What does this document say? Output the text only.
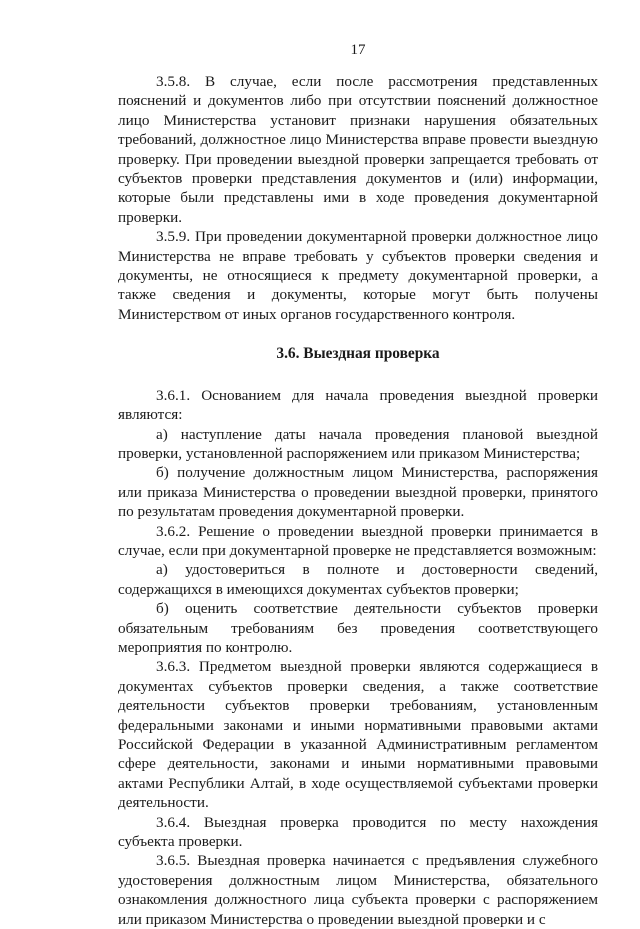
17

3.5.8. В случае, если после рассмотрения представленных пояснений и документов либо при отсутствии пояснений должностное лицо Министерства установит признаки нарушения обязательных требований, должностное лицо Министерства вправе провести выездную проверку. При проведении выездной проверки запрещается требовать от субъектов проверки представления документов и (или) информации, которые были представлены ими в ходе проведения документарной проверки.

3.5.9. При проведении документарной проверки должностное лицо Министерства не вправе требовать у субъектов проверки сведения и документы, не относящиеся к предмету документарной проверки, а также сведения и документы, которые могут быть получены Министерством от иных органов государственного контроля.

3.6. Выездная проверка

3.6.1. Основанием для начала проведения выездной проверки являются:

а) наступление даты начала проведения плановой выездной проверки, установленной распоряжением или приказом Министерства;

б) получение должностным лицом Министерства, распоряжения или приказа Министерства о проведении выездной проверки, принятого по результатам проведения документарной проверки.

3.6.2. Решение о проведении выездной проверки принимается в случае, если при документарной проверке не представляется возможным:

а) удостовериться в полноте и достоверности сведений, содержащихся в имеющихся документах субъектов проверки;

б) оценить соответствие деятельности субъектов проверки обязательным требованиям без проведения соответствующего мероприятия по контролю.

3.6.3. Предметом выездной проверки являются содержащиеся в документах субъектов проверки сведения, а также соответствие деятельности субъектов проверки требованиям, установленным федеральными законами и иными нормативными правовыми актами Российской Федерации в указанной Административным регламентом сфере деятельности, законами и иными нормативными правовыми актами Республики Алтай, в ходе осуществляемой субъектами проверки деятельности.

3.6.4. Выездная проверка проводится по месту нахождения субъекта проверки.

3.6.5. Выездная проверка начинается с предъявления служебного удостоверения должностным лицом Министерства, обязательного ознакомления должностного лица субъекта проверки с распоряжением или приказом Министерства о проведении выездной проверки и с
